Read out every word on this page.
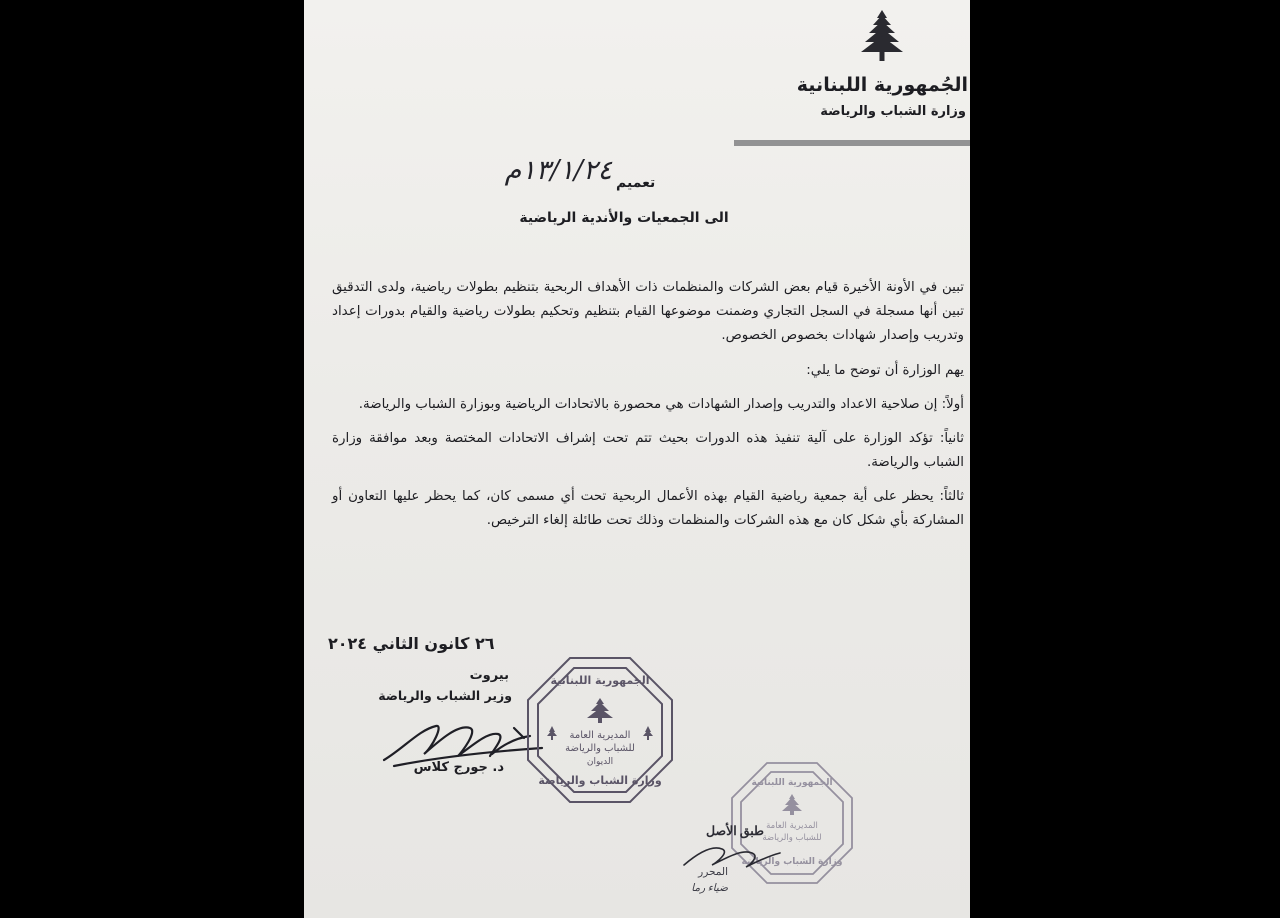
الجُمهورية اللبنانية
وزارة الشباب والرياضة
١٣/١/٢٤م تعميم
الى الجمعيات والأندية الرياضية

تبين في الأونة الأخيرة قيام بعض الشركات والمنظمات ذات الأهداف الربحية بتنظيم بطولات رياضية، ولدى التدقيق تبين أنها مسجلة في السجل التجاري وضمنت موضوعها القيام بتنظيم وتحكيم بطولات رياضية والقيام بدورات إعداد وتدريب وإصدار شهادات بخصوص الخصوص.

يهم الوزارة أن توضح ما يلي:

أولاً: إن صلاحية الاعداد والتدريب وإصدار الشهادات هي محصورة بالاتحادات الرياضية وبوزارة الشباب والرياضة.

ثانياً: تؤكد الوزارة على آلية تنفيذ هذه الدورات بحيث تتم تحت إشراف الاتحادات المختصة وبعد موافقة وزارة الشباب والرياضة.

ثالثاً: يحظر على أية جمعية رياضية القيام بهذه الأعمال الربحية تحت أي مسمى كان، كما يحظر عليها التعاون أو المشاركة بأي شكل كان مع هذه الشركات والمنظمات وذلك تحت طائلة إلغاء الترخيص.

٢٦ كانون الثاني ٢٠٢٤
بيروت
وزير الشباب والرياضة
د. جورج كلاس
الجمهورية اللبنانية
المديرية العامة
للشباب والرياضة
الديوان
وزارة الشباب والرياضة	الجمهورية اللبنانية
المديرية العامة
للشباب والرياضة
وزارة الشباب والرياضة
طبق الأصل
المحرر
ضياء رما
